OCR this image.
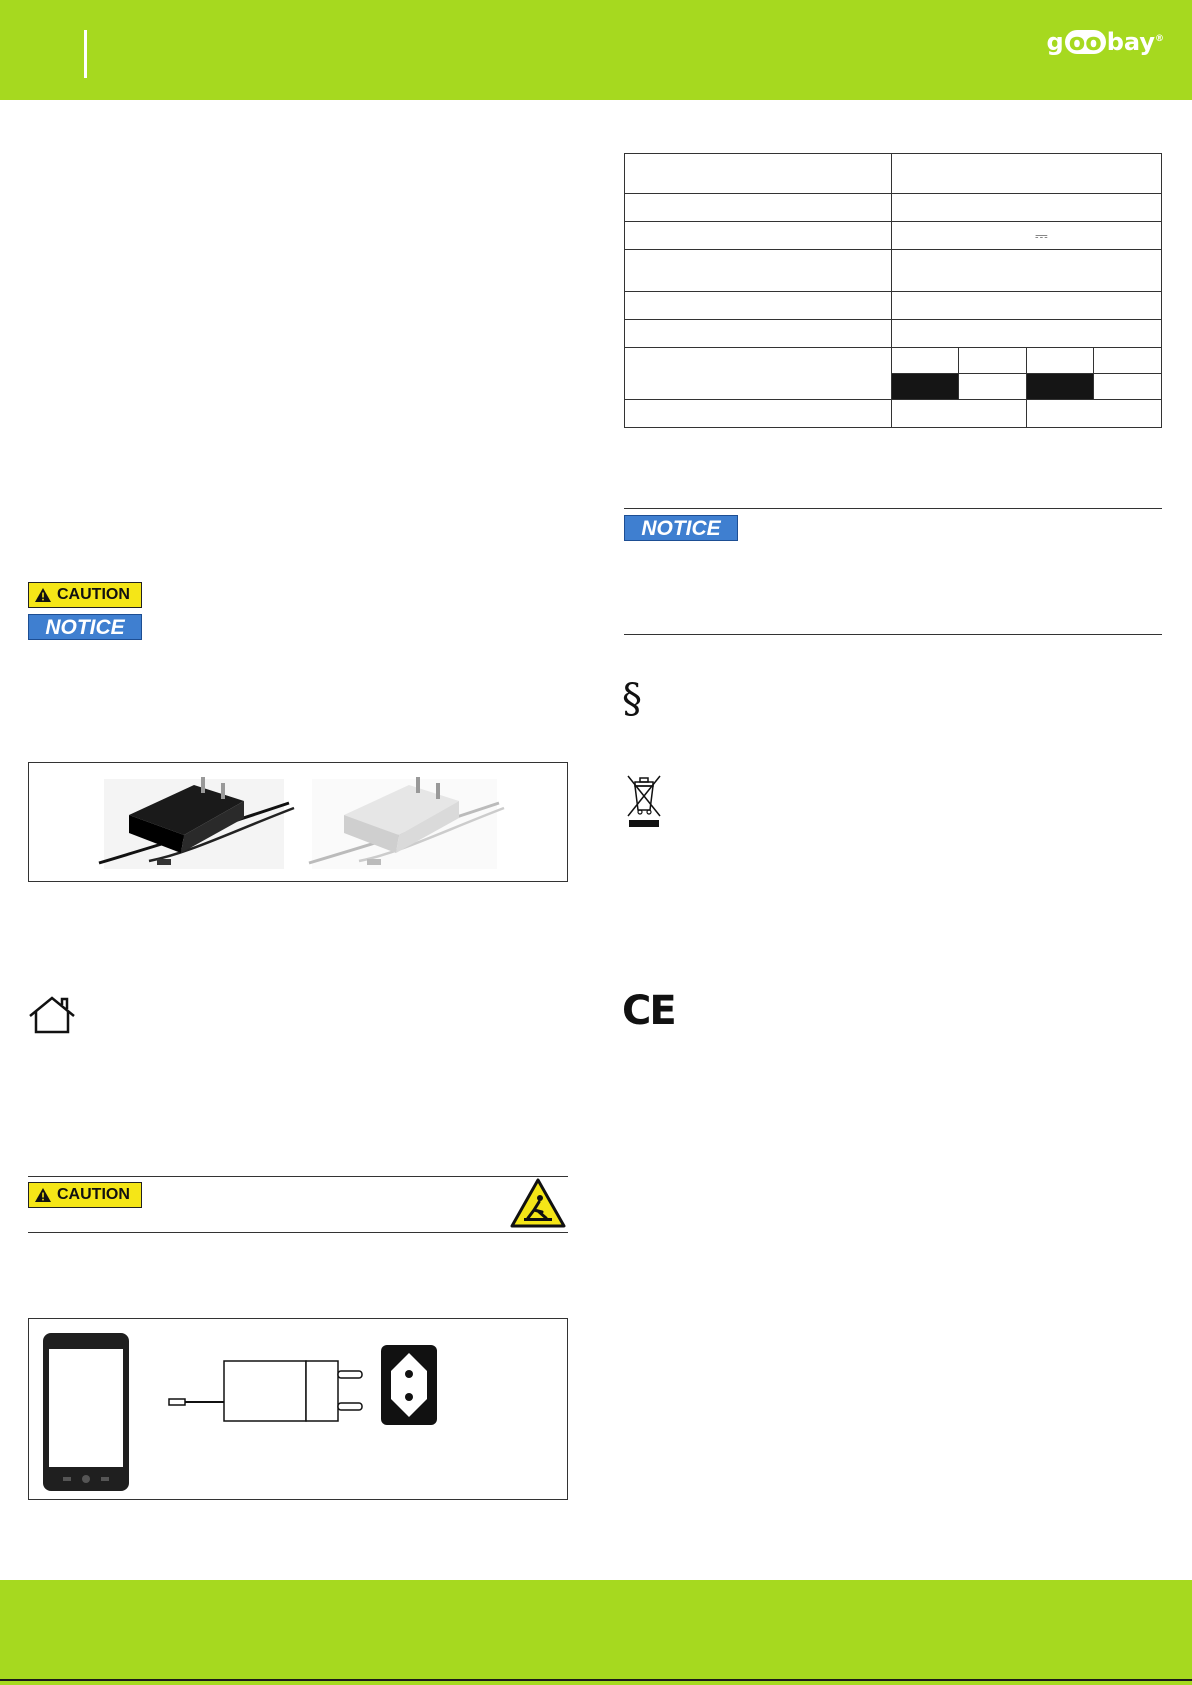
g oo bay®
CAUTION
NOTICE
CAUTION

	⎓			

NOTICE
§
CE
